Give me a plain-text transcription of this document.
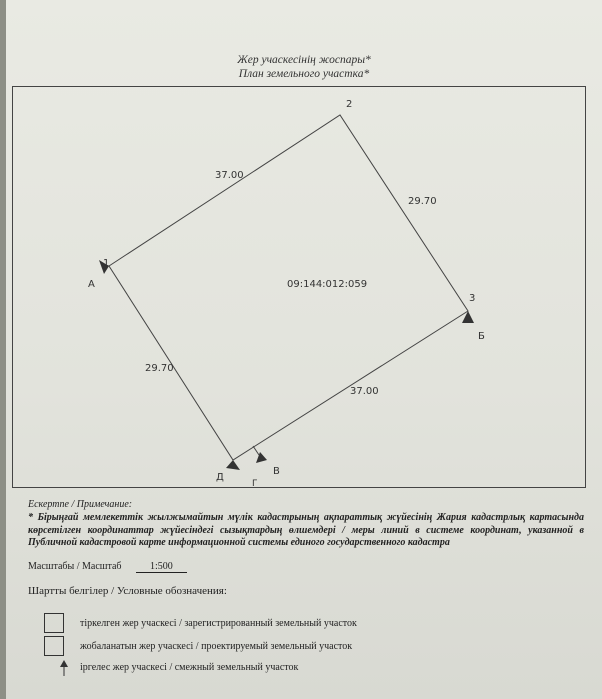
Жер учаскесінің жоспары*
План земельного участка*
1
2
3
А
Б
В
Г
Д
37.00
29.70
37.00
29.70
09:144:012:059
Ескертпе / Примечание:
* Бірыңғай мемлекеттік жылжымайтын мүлік кадастрының ақпараттық жүйесінің Жария кадастрлық картасында көрсетілген координаттар жүйесіндегі сызықтардың өлшемдері / меры линий в системе координат, указанной в Публичной кадастровой карте информационной системы единого государственного кадастра
Масштабы / Масштаб	1:500
Шартты белгілер / Условные обозначения:
тіркелген жер учаскесі / зарегистрированный земельный участок
жобаланатын жер учаскесі / проектируемый земельный участок
іргелес жер учаскесі / смежный земельный участок
